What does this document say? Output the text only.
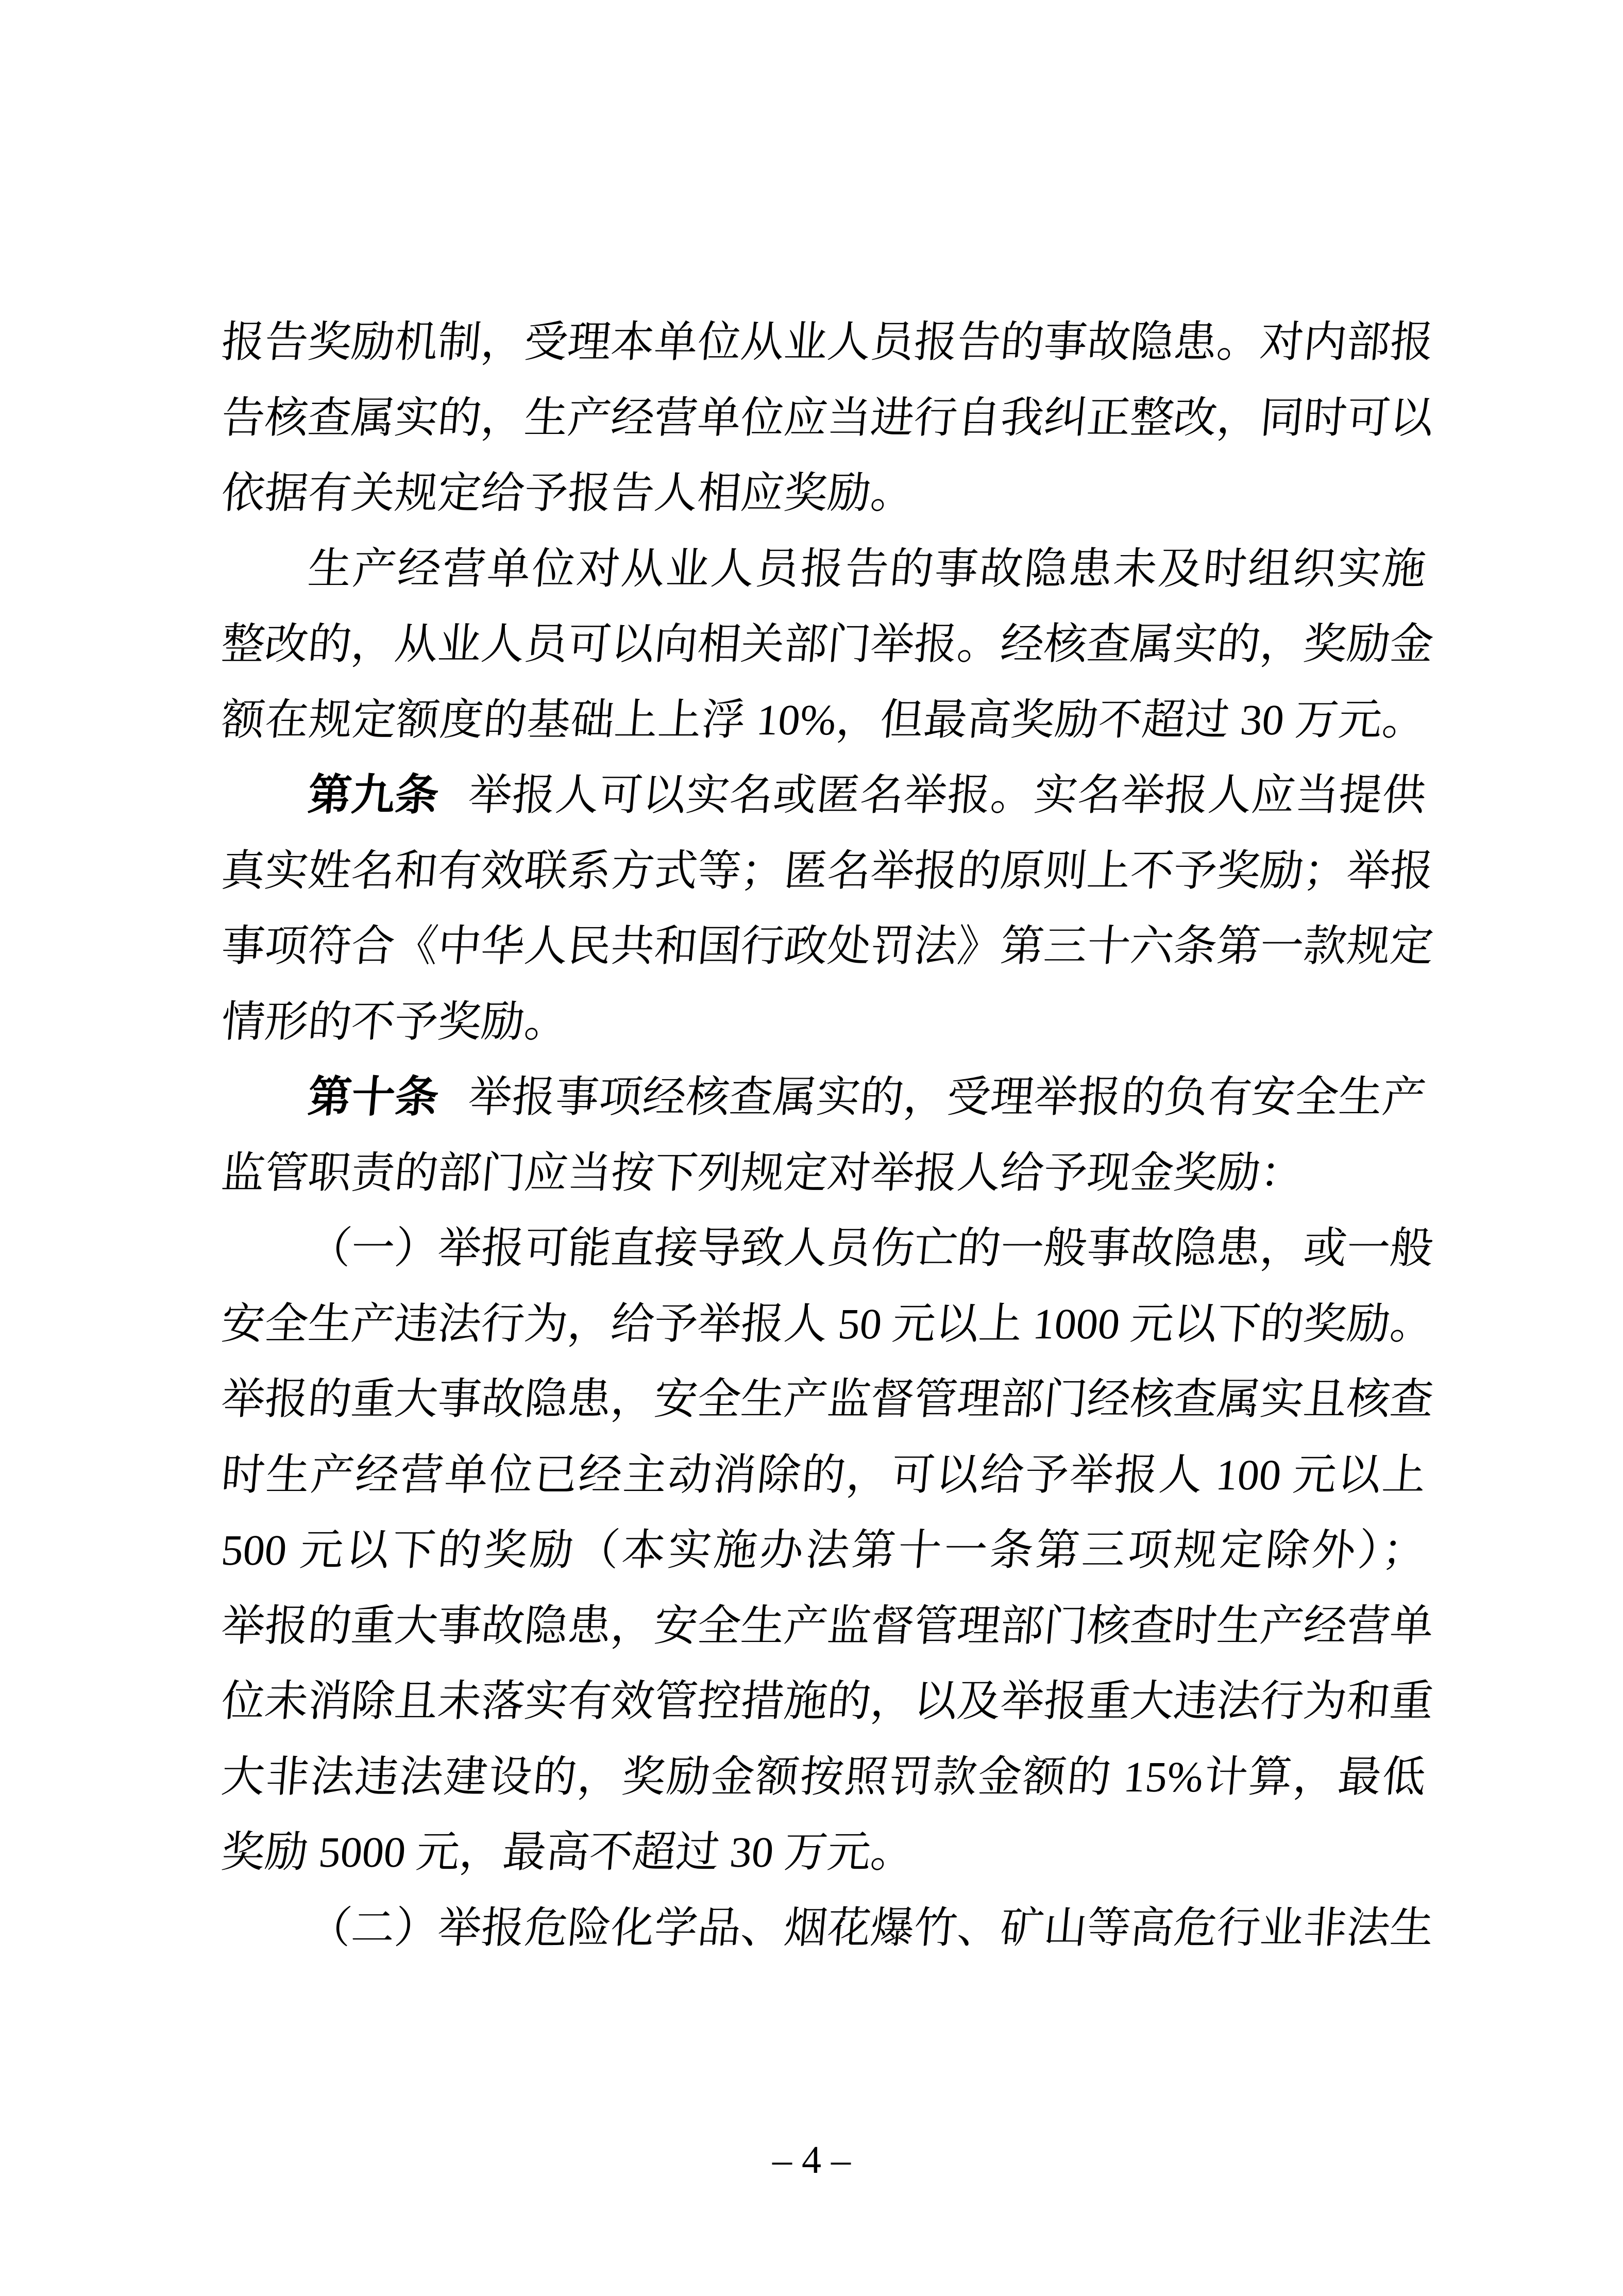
报告奖励机制，受理本单位从业人员报告的事故隐患。对内部报
告核查属实的，生产经营单位应当进行自我纠正整改，同时可以
依据有关规定给予报告人相应奖励。
生产经营单位对从业人员报告的事故隐患未及时组织实施
整改的，从业人员可以向相关部门举报。经核查属实的，奖励金
额在规定额度的基础上上浮 10%，但最高奖励不超过 30 万元。
第九条 举报人可以实名或匿名举报。实名举报人应当提供
真实姓名和有效联系方式等；匿名举报的原则上不予奖励；举报
事项符合《中华人民共和国行政处罚法》第三十六条第一款规定
情形的不予奖励。
第十条 举报事项经核查属实的，受理举报的负有安全生产
监管职责的部门应当按下列规定对举报人给予现金奖励：
（一）举报可能直接导致人员伤亡的一般事故隐患，或一般
安全生产违法行为，给予举报人 50 元以上 1000 元以下的奖励。
举报的重大事故隐患，安全生产监督管理部门经核查属实且核查
时生产经营单位已经主动消除的，可以给予举报人 100 元以上
500 元以下的奖励（本实施办法第十一条第三项规定除外）；
举报的重大事故隐患，安全生产监督管理部门核查时生产经营单
位未消除且未落实有效管控措施的，以及举报重大违法行为和重
大非法违法建设的，奖励金额按照罚款金额的 15%计算，最低
奖励 5000 元，最高不超过 30 万元。
（二）举报危险化学品、烟花爆竹、矿山等高危行业非法生
– 4 –
